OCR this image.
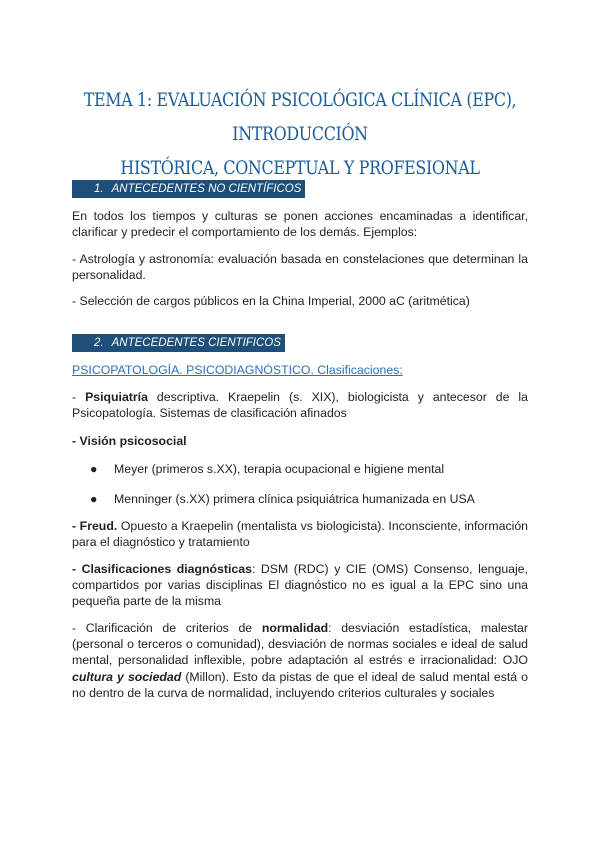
TEMA 1: EVALUACIÓN PSICOLÓGICA CLÍNICA (EPC), INTRODUCCIÓN
HISTÓRICA, CONCEPTUAL Y PROFESIONAL
1. ANTECEDENTES NO CIENTÍFICOS
En todos los tiempos y culturas se ponen acciones encaminadas a identificar, clarificar y predecir el comportamiento de los demás. Ejemplos:
- Astrología y astronomía: evaluación basada en constelaciones que determinan la personalidad.
- Selección de cargos públicos en la China Imperial, 2000 aC (aritmética)
2. ANTECEDENTES CIENTIFICOS
PSICOPATOLOGÍA. PSICODIAGNÓSTICO. Clasificaciones:
- Psiquiatría descriptiva. Kraepelin (s. XIX), biologicista y antecesor de la Psicopatología. Sistemas de clasificación afinados
- Visión psicosocial
● Meyer (primeros s.XX), terapia ocupacional e higiene mental
● Menninger (s.XX) primera clínica psiquiátrica humanizada en USA
- Freud. Opuesto a Kraepelin (mentalista vs biologicista). Inconsciente, información para el diagnóstico y tratamiento
- Clasificaciones diagnósticas: DSM (RDC) y CIE (OMS) Consenso, lenguaje, compartidos por varias disciplinas El diagnóstico no es igual a la EPC sino una pequeña parte de la misma
- Clarificación de criterios de normalidad: desviación estadística, malestar (personal o terceros o comunidad), desviación de normas sociales e ideal de salud mental, personalidad inflexible, pobre adaptación al estrés e irracionalidad: OJO cultura y sociedad (Millon). Esto da pistas de que el ideal de salud mental está o no dentro de la curva de normalidad, incluyendo criterios culturales y sociales
